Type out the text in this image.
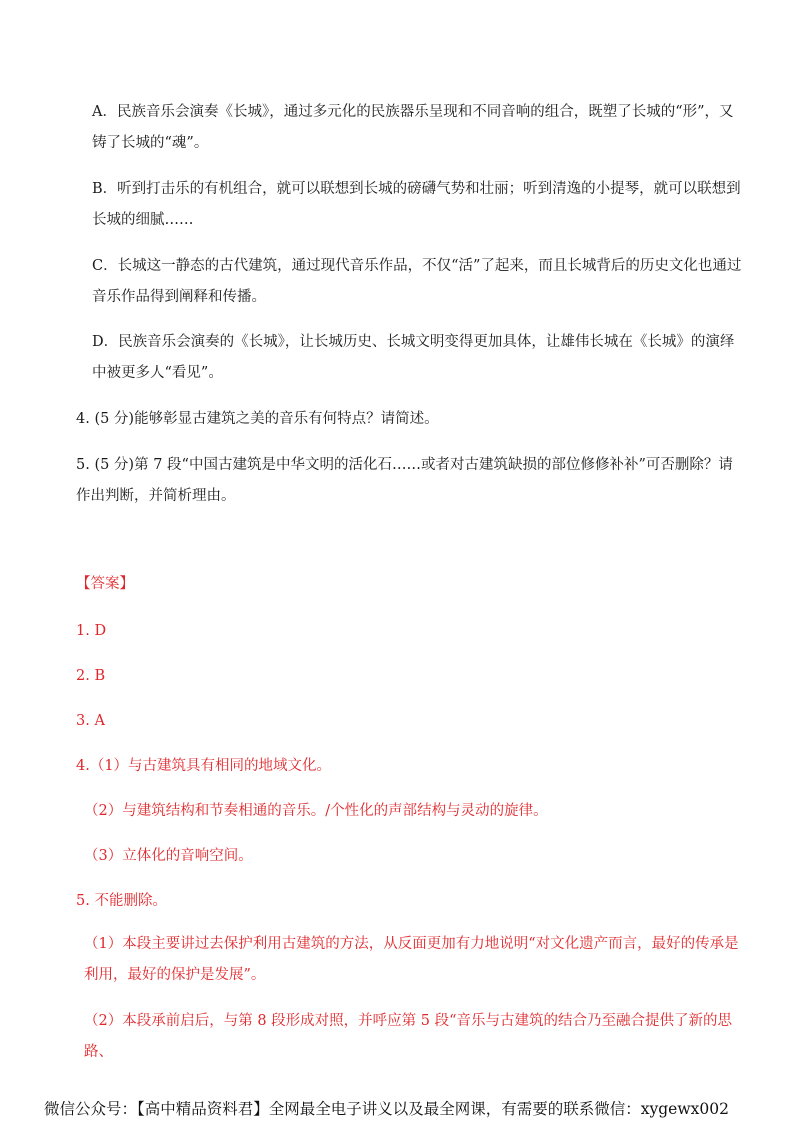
A．民族音乐会演奏《长城》，通过多元化的民族器乐呈现和不同音响的组合，既塑了长城的“形”，又铸了长城的“魂”。

B．听到打击乐的有机组合，就可以联想到长城的磅礴气势和壮丽；听到清逸的小提琴，就可以联想到长城的细腻……

C．长城这一静态的古代建筑，通过现代音乐作品，不仅“活”了起来，而且长城背后的历史文化也通过音乐作品得到阐释和传播。

D．民族音乐会演奏的《长城》，让长城历史、长城文明变得更加具体，让雄伟长城在《长城》的演绎中被更多人“看见”。

4. (5 分)能够彰显古建筑之美的音乐有何特点？请简述。

5. (5 分)第 7 段“中国古建筑是中华文明的活化石……或者对古建筑缺损的部位修修补补”可否删除？请作出判断，并简析理由。

【答案】

1. D

2. B

3. A

4.（1）与古建筑具有相同的地域文化。

（2）与建筑结构和节奏相通的音乐。/个性化的声部结构与灵动的旋律。

（3）立体化的音响空间。

5. 不能删除。

（1）本段主要讲过去保护利用古建筑的方法，从反面更加有力地说明“对文化遗产而言，最好的传承是利用，最好的保护是发展”。

（2）本段承前启后，与第 8 段形成对照，并呼应第 5 段“音乐与古建筑的结合乃至融合提供了新的思路、

微信公众号：【高中精品资料君】全网最全电子讲义以及最全网课，有需要的联系微信：xygewx002
